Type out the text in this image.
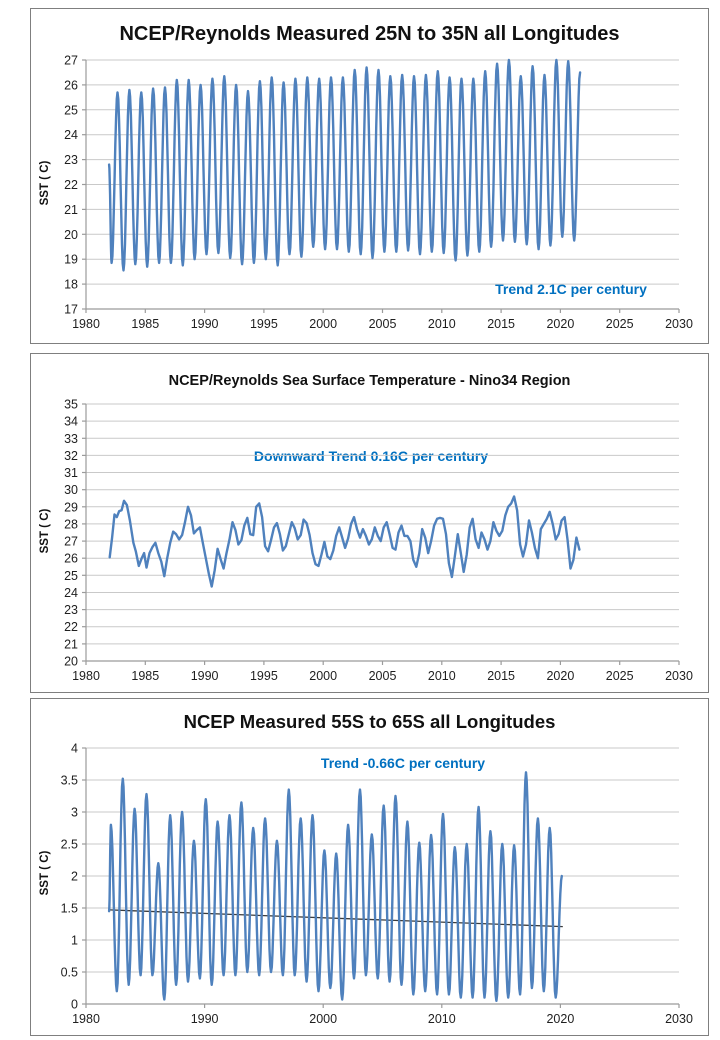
NCEP/Reynolds Measured 25N to 35N all Longitudes
SST ( C)
Trend 2.1C per century
17
18
19
20
21
22
23
24
25
26
27
1980	1985	1990	1995	2000	2005	2010	2015	2020	2025	2030
NCEP/Reynolds Sea Surface Temperature - Nino34 Region
SST ( C)
Downward Trend 0.16C per century
20
21
22
23
24
25
26
27
28
29
30
31
32
33
34
35
1980	1985	1990	1995	2000	2005	2010	2015	2020	2025	2030
NCEP Measured 55S to 65S all Longitudes
SST ( C)
Trend -0.66C per century
0
0.5
1
1.5
2
2.5
3
3.5
4
1980	1990	2000	2010	2020	2030
